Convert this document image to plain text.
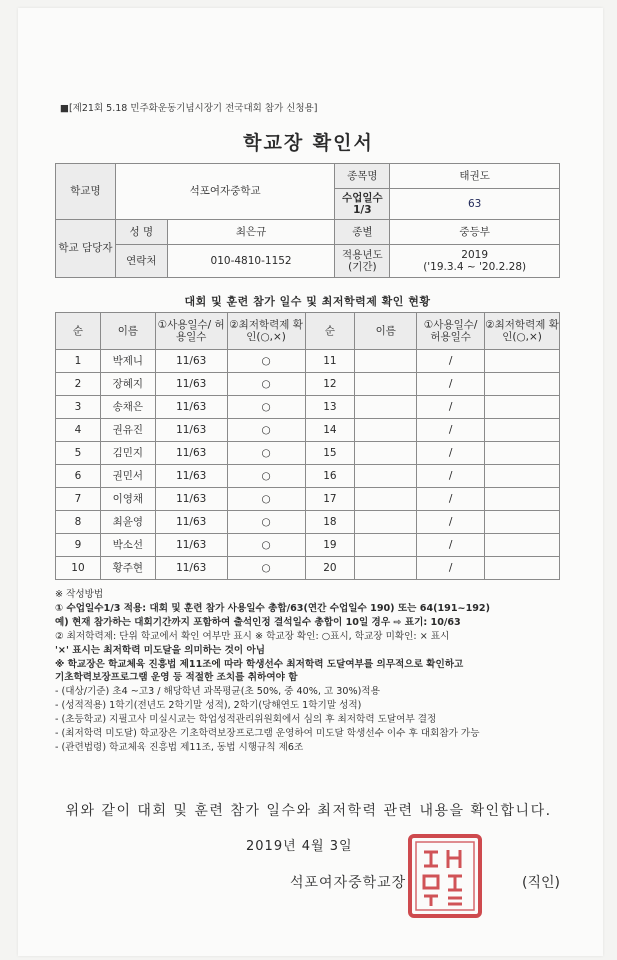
■[제21회 5.18 민주화운동기념시장기 전국대회 참가 신청용]
학교장 확인서
학교명	석포여자중학교		종목명	태권도
			수업일수 1/3	63
학교 담당자	성 명	최은규	종별	중등부
	연락처	010-4810-1152	적용년도 (기간)	2019
('19.3.4 ~ '20.2.28)
대회 및 훈련 참가 일수 및 최저학력제 확인 현황
순	이름	①사용일수/ 허용일수	②최저학력제 확인(○,×)	순	이름	①사용일수/ 허용일수	②최저학력제 확인(○,×)
1	박제니	11/63	○	11		/	
2	장혜지	11/63	○	12		/	
3	송채은	11/63	○	13		/	
4	권유진	11/63	○	14		/	
5	김민지	11/63	○	15		/	
6	권민서	11/63	○	16		/	
7	이영채	11/63	○	17		/	
8	최윤영	11/63	○	18		/	
9	박소선	11/63	○	19		/	
10	황주현	11/63	○	20		/	
※ 작성방법
① 수업일수1/3 적용: 대회 및 훈련 참가 사용일수 총합/63(연간 수업일수 190) 또는 64(191~192)
예) 현재 참가하는 대회기간까지 포함하여 출석인정 결석일수 총합이 10일 경우 ⇨ 표기: 10/63
② 최저학력제: 단위 학교에서 확인 여부만 표시 ※ 학교장 확인: ○표시, 학교장 미확인: × 표시
'×' 표시는 최저학력 미도달을 의미하는 것이 아님
※ 학교장은 학교체육 진흥법 제11조에 따라 학생선수 최저학력 도달여부를 의무적으로 확인하고
기초학력보장프로그램 운영 등 적절한 조치를 취하여야 함
- (대상/기준) 초4 ~고3 / 해당학년 과목평균(초 50%, 중 40%, 고 30%)적용
- (성적적용) 1학기(전년도 2학기말 성적), 2학기(당해연도 1학기말 성적)
- (초등학교) 지필고사 미실시교는 학업성적관리위원회에서 심의 후 최저학력 도달여부 결정
- (최저학력 미도달) 학교장은 기초학력보장프로그램 운영하여 미도달 학생선수 이수 후 대회참가 가능
- (관련법령) 학교체육 진흥법 제11조, 동법 시행규칙 제6조
위와 같이 대회 및 훈련 참가 일수와 최저학력 관련 내용을 확인합니다.
2019년 4월 3일
석포여자중학교장	(직인)
